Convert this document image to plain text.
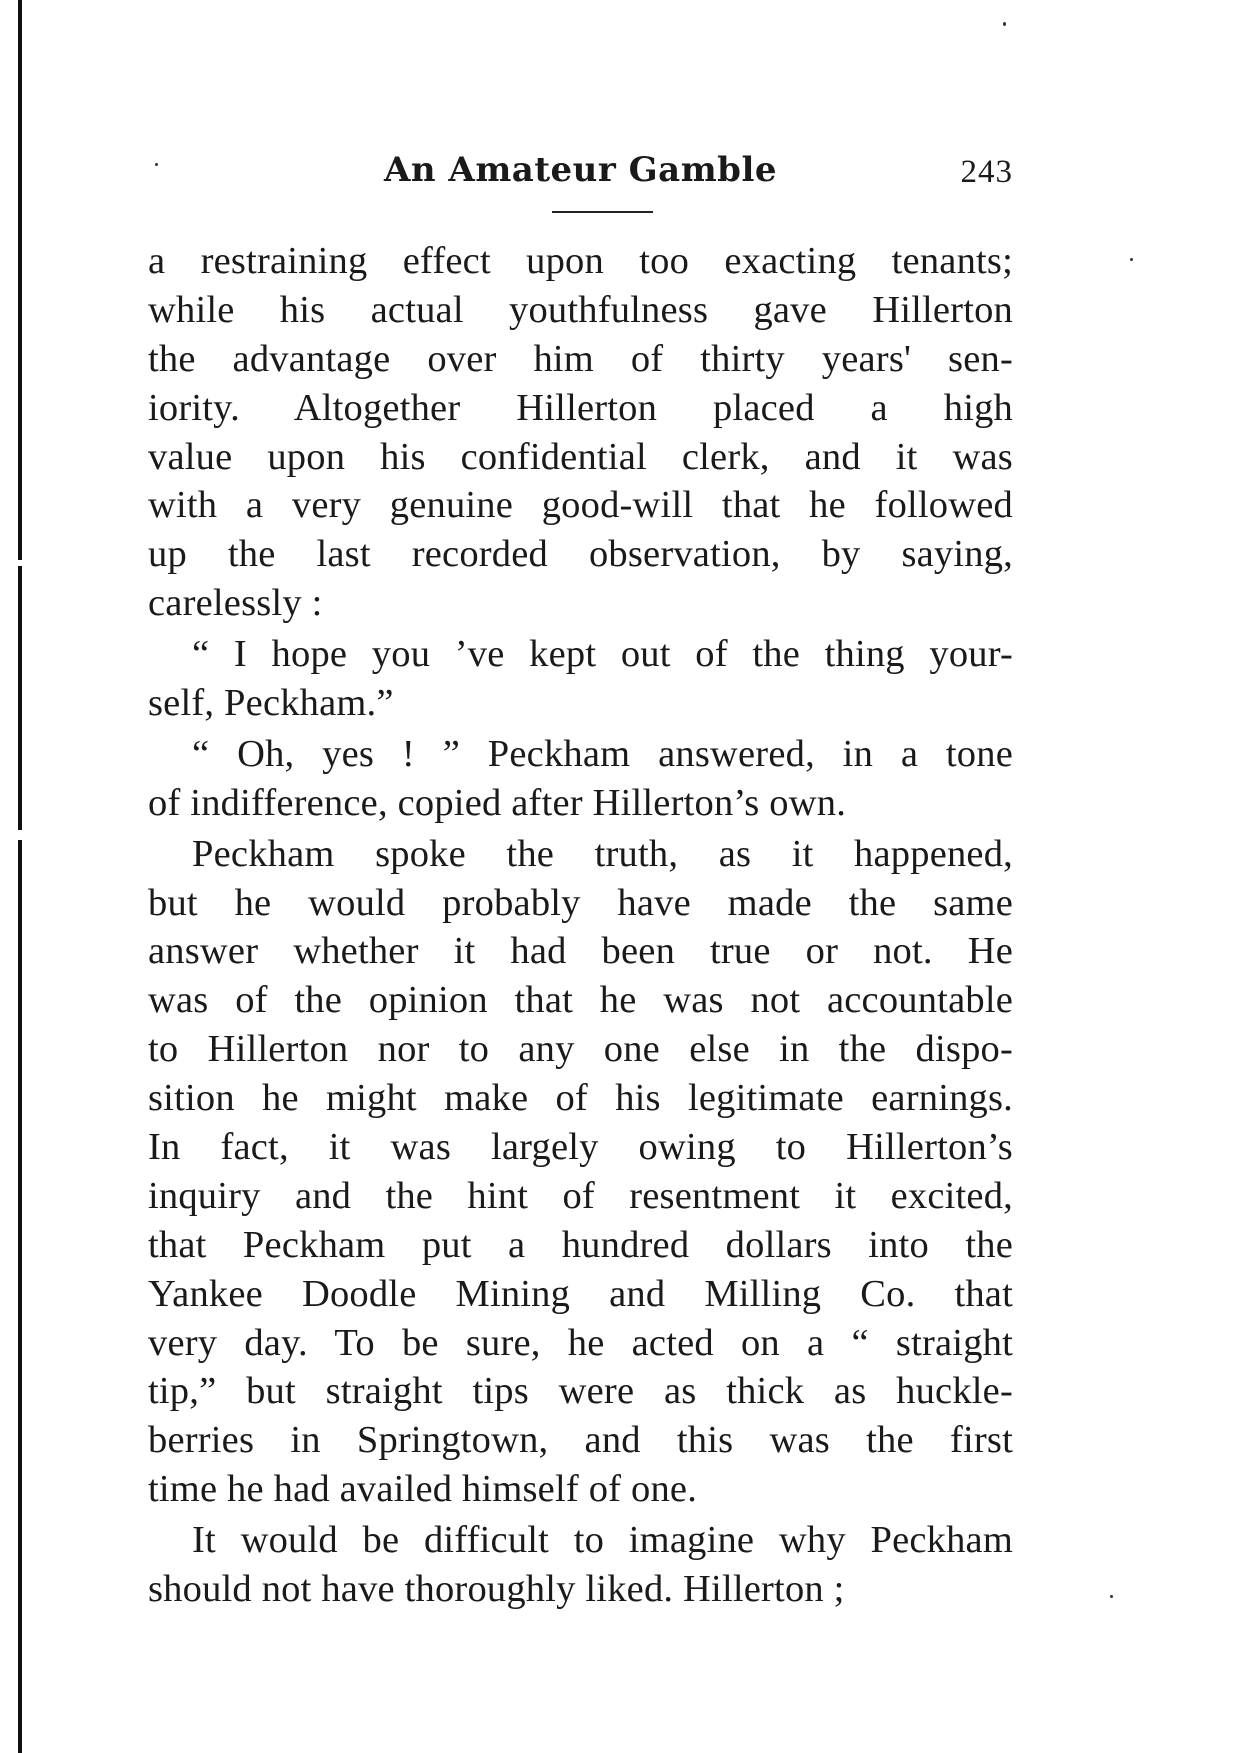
An Amateur Gamble	243
a restraining effect upon too exacting tenants;
while his actual youthfulness gave Hillerton
the advantage over him of thirty years' sen-
iority. Altogether Hillerton placed a high
value upon his confidential clerk, and it was
with a very genuine good-will that he followed
up the last recorded observation, by saying,
carelessly :
“ I hope you ’ve kept out of the thing your-
self, Peckham.”
“ Oh, yes ! ” Peckham answered, in a tone
of indifference, copied after Hillerton’s own.
Peckham spoke the truth, as it happened,
but he would probably have made the same
answer whether it had been true or not. He
was of the opinion that he was not accountable
to Hillerton nor to any one else in the dispo-
sition he might make of his legitimate earnings.
In fact, it was largely owing to Hillerton’s
inquiry and the hint of resentment it excited,
that Peckham put a hundred dollars into the
Yankee Doodle Mining and Milling Co. that
very day. To be sure, he acted on a “ straight
tip,” but straight tips were as thick as huckle-
berries in Springtown, and this was the first
time he had availed himself of one.
It would be difficult to imagine why Peckham
should not have thoroughly liked. Hillerton ;
